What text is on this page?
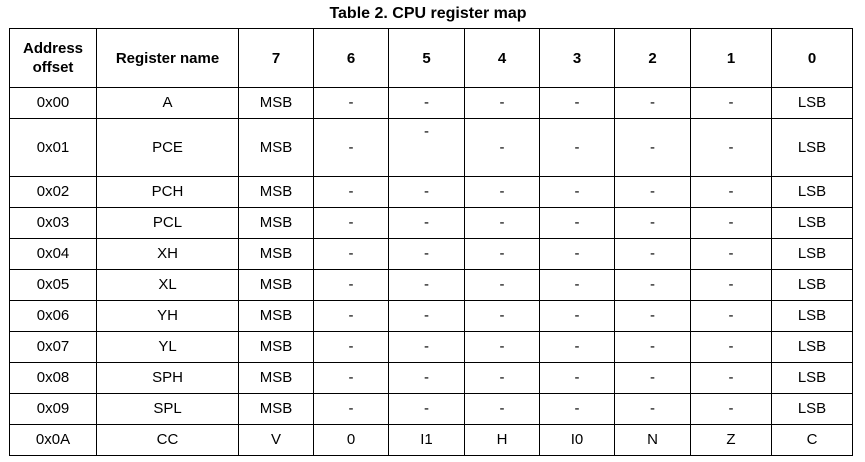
Table 2. CPU register map
Address
offset	Register name	7	6	5	4	3	2	1	0
0x00	A	MSB	-	-	-	-	-	-	LSB
0x01	PCE	MSB	-	-	-	-	-	-	LSB
0x02	PCH	MSB	-	-	-	-	-	-	LSB
0x03	PCL	MSB	-	-	-	-	-	-	LSB
0x04	XH	MSB	-	-	-	-	-	-	LSB
0x05	XL	MSB	-	-	-	-	-	-	LSB
0x06	YH	MSB	-	-	-	-	-	-	LSB
0x07	YL	MSB	-	-	-	-	-	-	LSB
0x08	SPH	MSB	-	-	-	-	-	-	LSB
0x09	SPL	MSB	-	-	-	-	-	-	LSB
0x0A	CC	V	0	I1	H	I0	N	Z	C
